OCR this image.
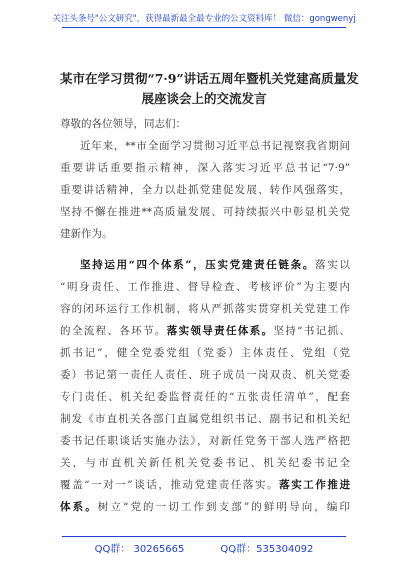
关注头条号"公文研究"，获得最新最全最专业的公文资料库！ 微信：gongwenyj
某市在学习贯彻“7·9”讲话五周年暨机关党建高质量发
展座谈会上的交流发言
尊敬的各位领导，同志们：
近年来，**市全面学习贯彻习近平总书记视察我省期间
重要讲话重要指示精神，深入落实习近平总书记“7·9”
重要讲话精神，全力以赴抓党建促发展、转作风强落实，
坚持不懈在推进**高质量发展、可持续振兴中彰显机关党
建新作为。
坚持运用“四个体系”，压实党建责任链条。落实以
“明身责任、工作推进、督导检查、考核评价”为主要内
容的闭环运行工作机制，将从严抓落实贯穿机关党建工作
的全流程、各环节。落实领导责任体系。坚持“书记抓、
抓书记”，健全党委党组（党委）主体责任、党组（党
委）书记第一责任人责任、班子成员一岗双责、机关党委
专门责任、机关纪委监督责任的“五张责任清单”，配套
制发《市直机关各部门直属党组织书记、副书记和机关纪
委书记任职谈话实施办法》，对新任党务干部人选严格把
关，与市直机关新任机关党委书记、机关纪委书记全
覆盖“一对一”谈话，推动党建责任落实。落实工作推进
体系。树立“党的一切工作到支部”的鲜明导向，编印
QQ群： 30265665	QQ群：535304092
